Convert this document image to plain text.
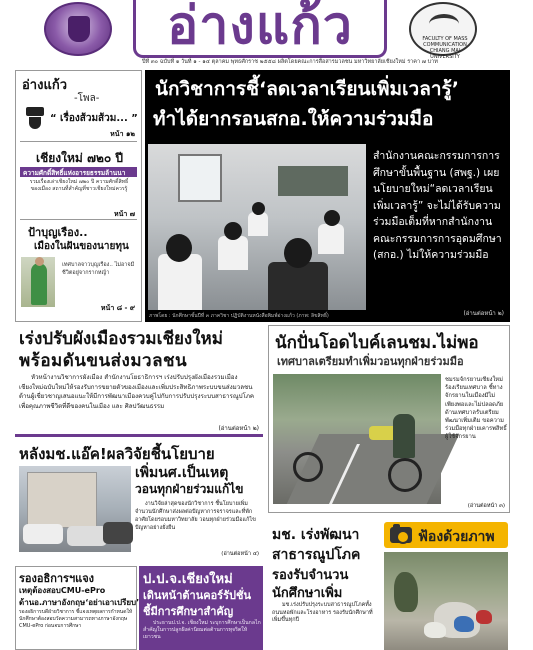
อ่างแก้ว	FACULTY OF MASS COMMUNICATION CHIANG MAI UNIVERSITY
ปีที่ ๓๐ ฉบับที่ ๑ วันที่ ๑ - ๑๔ ตุลาคม พุทธศักราช ๒๕๕๘ ผลิตโดยคณะการสื่อสารมวลชน มหาวิทยาลัยเชียงใหม่ ราคา ๗ บาท
อ่างแก้ว
-โพล-
“ เรื่องส้วมส้วม... ”
หน้า ๑๒
เชียงใหม่ ๗๒๐ ปี
ความศักดิ์สิทธิ์แห่งอารยธรรมล้านนา
รวมเรื่องเล่าเชียงใหม่ ๗๒๐ ปี ความศักดิ์สิทธิ์ของเมือง สถานที่สำคัญที่ชาวเชียงใหม่ควรรู้
หน้า ๗
ป้าบุญเรือง..
เมืองในฝันของนายทุน
เทศบาลจาวบุญเรือง.. ไม่อาจมีชีวิตอยู่จากรากหญ้า
หน้า ๘ - ๙
นักวิชาการชี้‘ลดเวลาเรียนเพิ่มเวลารู้’
ทำได้ยากรอนสกอ.ให้ความร่วมมือ
ภาพโดย : นักศึกษาชั้นปีที่ ๓ ภาควิชา ปฏิบัติงานหนังสือพิมพ์อ่างแก้ว (ภาพ: ลิขสิทธิ์)
สำนักงานคณะกรรมการการศึกษาขั้นพื้นฐาน (สพฐ.) เผยนโยบายใหม่“ลดเวลาเรียน เพิ่มเวลารู้” จะไม่ได้รับความร่วมมือเต็มที่หากสำนักงานคณะกรรมการการอุดมศึกษา (สกอ.) ไม่ให้ความร่วมมือ
(อ่านต่อหน้า ๒)
เร่งปรับผังเมืองรวมเชียงใหม่
พร้อมดันขนส่งมวลชน
หัวหน้างานวิชาการผังเมือง สำนักงานโยธาธิการฯ เร่งปรับปรุงผังเมืองรวมเมืองเชียงใหม่ฉบับใหม่ให้รองรับการขยายตัวของเมืองและเพิ่มประสิทธิภาพระบบขนส่งมวลชน ด้านผู้เชี่ยวชาญเสนอแนะให้มีการพัฒนาเมืองควบคู่ไปกับการปรับปรุงระบบสาธารณูปโภคเพื่อคุณภาพชีวิตที่ดีของคนในเมือง และ ศิลปวัฒนธรรม
(อ่านต่อหน้า ๒)
นักปั่นโอดไบค์เลนชม.ไม่พอ
เทศบาลเตรียมทำเพิ่มวอนทุกฝ่ายร่วมมือ
ชมรมจักรยานเชียงใหม่ ร้องเรียนเทศบาล ชี้ทางจักรยานในเมืองมีไม่เพียงพอและไม่ปลอดภัย ด้านเทศบาลรับเตรียมพัฒนาเพิ่มเติม ขอความร่วมมือทุกฝ่ายเคารพสิทธิ์ผู้ใช้จักรยาน
(อ่านต่อหน้า ๓)
หลังมช.แอ๊ค!ผลวิจัยชี้นโยบาย
เพิ่มนศ.เป็นเหตุ
วอนทุกฝ่ายร่วมแก้ไข
งานวิจัยล่าสุดของนักวิชาการ ชี้นโยบายเพิ่มจำนวนนักศึกษาส่งผลต่อปัญหาการจราจรและที่พักอาศัยโดยรอบมหาวิทยาลัย วอนทุกฝ่ายร่วมมือแก้ไขปัญหาอย่างยั่งยืน
(อ่านต่อหน้า ๔)
รองอธิการฯแจง
เหตุต้องสอบCMU-ePro
ด้านอ.ภาษาอังกฤษ‘อย่าเอาเปรียบ’
รองอธิการบดีฝ่ายวิชาการ ชี้แจงเหตุผลการกำหนดให้นักศึกษาต้องสอบวัดความสามารถทางภาษาอังกฤษ CMU-ePro ก่อนจบการศึกษา
ป.ป.จ.เชียงใหม่
เดินหน้าต้านคอร์รัปชั่น
ชี้มีการศึกษาสำคัญ
ประธานป.ป.จ. เชียงใหม่ ระบุการศึกษาเป็นกลไกสำคัญในการปลูกฝังค่านิยมต่อต้านการทุจริตให้เยาวชน
มช. เร่งพัฒนา
สาธารณูปโภค
รองรับจำนวน
นักศึกษาเพิ่ม
มช.เร่งปรับปรุงระบบสาธารณูปโภคทั้งถนนหอพักและโรงอาหาร รองรับนักศึกษาที่เพิ่มขึ้นทุกปี
ฟ้องด้วยภาพ
